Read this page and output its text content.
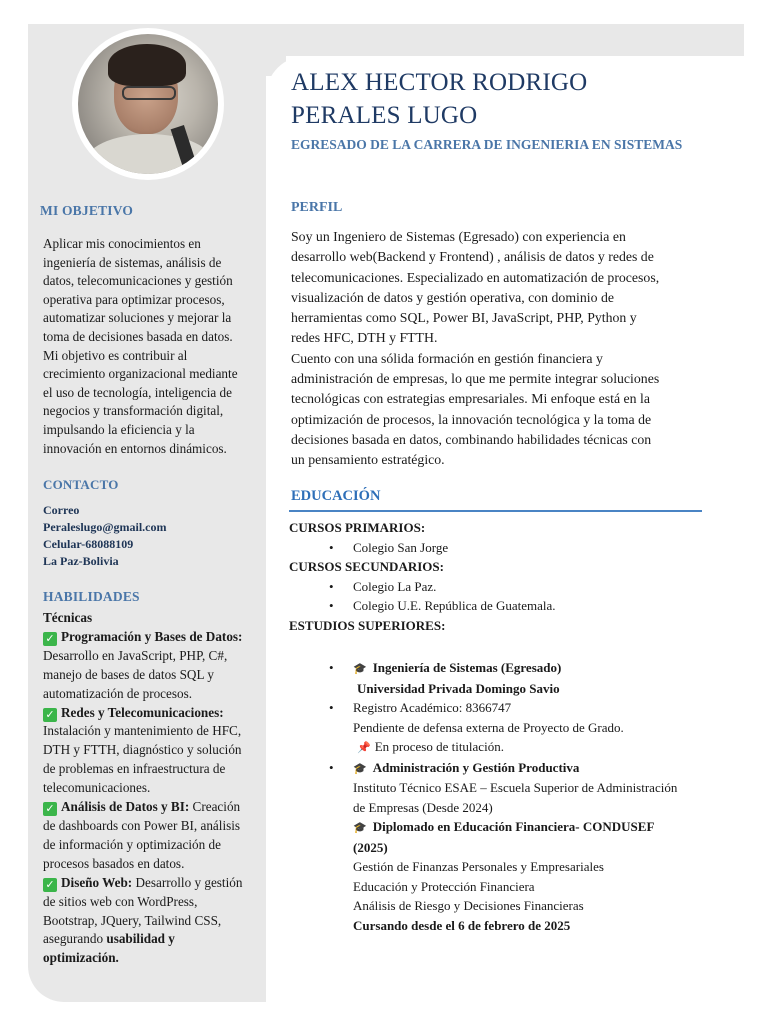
ALEX HECTOR RODRIGO
PERALES LUGO
EGRESADO DE LA CARRERA DE INGENIERIA EN SISTEMAS
MI OBJETIVO
Aplicar mis conocimientos en
ingeniería de sistemas, análisis de
datos, telecomunicaciones y gestión
operativa para optimizar procesos,
automatizar soluciones y mejorar la
toma de decisiones basada en datos.
Mi objetivo es contribuir al
crecimiento organizacional mediante
el uso de tecnología, inteligencia de
negocios y transformación digital,
impulsando la eficiencia y la
innovación en entornos dinámicos.
CONTACTO
Correo
Peraleslugo@gmail.com
Celular-68088109
La Paz-Bolivia
HABILIDADES
Técnicas
✓ Programación y Bases de Datos:
Desarrollo en JavaScript, PHP, C#,
manejo de bases de datos SQL y
automatización de procesos.
✓ Redes y Telecomunicaciones:
Instalación y mantenimiento de HFC,
DTH y FTTH, diagnóstico y solución
de problemas en infraestructura de
telecomunicaciones.
✓ Análisis de Datos y BI: Creación
de dashboards con Power BI, análisis
de información y optimización de
procesos basados en datos.
✓ Diseño Web: Desarrollo y gestión
de sitios web con WordPress,
Bootstrap, JQuery, Tailwind CSS,
asegurando usabilidad y
optimización.
PERFIL
Soy un Ingeniero de Sistemas (Egresado) con experiencia en
desarrollo web(Backend y Frontend) , análisis de datos y redes de
telecomunicaciones. Especializado en automatización de procesos,
visualización de datos y gestión operativa, con dominio de
herramientas como SQL, Power BI, JavaScript, PHP, Python y
redes HFC, DTH y FTTH.
Cuento con una sólida formación en gestión financiera y
administración de empresas, lo que me permite integrar soluciones
tecnológicas con estrategias empresariales. Mi enfoque está en la
optimización de procesos, la innovación tecnológica y la toma de
decisiones basada en datos, combinando habilidades técnicas con
un pensamiento estratégico.
EDUCACIÓN
CURSOS PRIMARIOS:
• Colegio San Jorge
CURSOS SECUNDARIOS:
• Colegio La Paz.
• Colegio U.E. República de Guatemala.
ESTUDIOS SUPERIORES:
• 🎓 Ingeniería de Sistemas (Egresado)
Universidad Privada Domingo Savio
• Registro Académico: 8366747
Pendiente de defensa externa de Proyecto de Grado.
📌 En proceso de titulación.
• 🎓 Administración y Gestión Productiva
Instituto Técnico ESAE – Escuela Superior de Administración
de Empresas (Desde 2024)
🎓 Diplomado en Educación Financiera- CONDUSEF
(2025)
Gestión de Finanzas Personales y Empresariales
Educación y Protección Financiera
Análisis de Riesgo y Decisiones Financieras
Cursando desde el 6 de febrero de 2025
